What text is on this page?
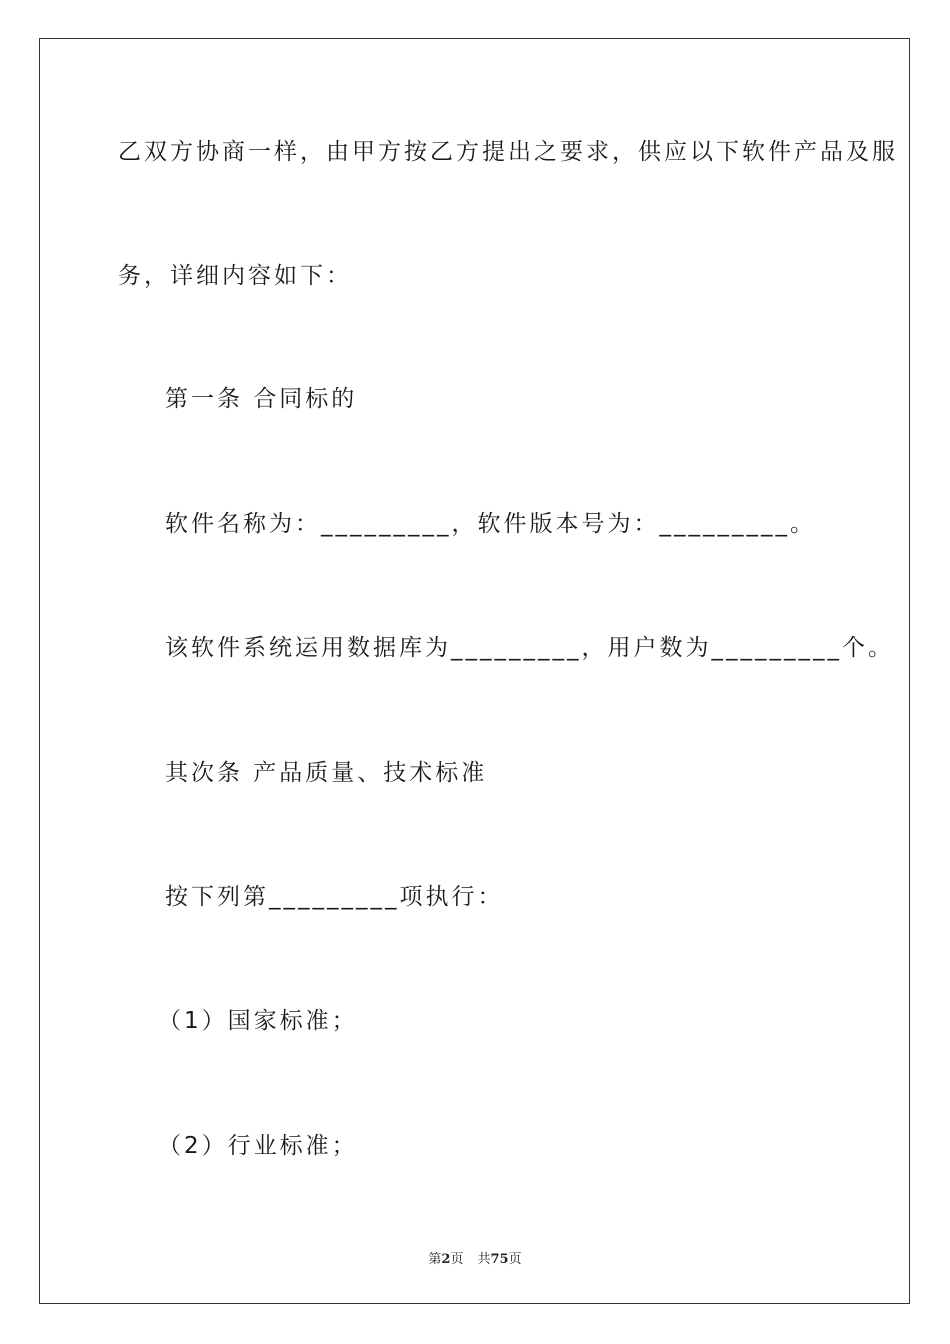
乙双方协商一样，由甲方按乙方提出之要求，供应以下软件产品及服
务，详细内容如下：
第一条 合同标的
软件名称为：_________，软件版本号为：_________。
该软件系统运用数据库为_________，用户数为_________个。
其次条 产品质量、技术标准
按下列第_________项执行：
（1）国家标准；
（2）行业标准；
第2页 共75页
